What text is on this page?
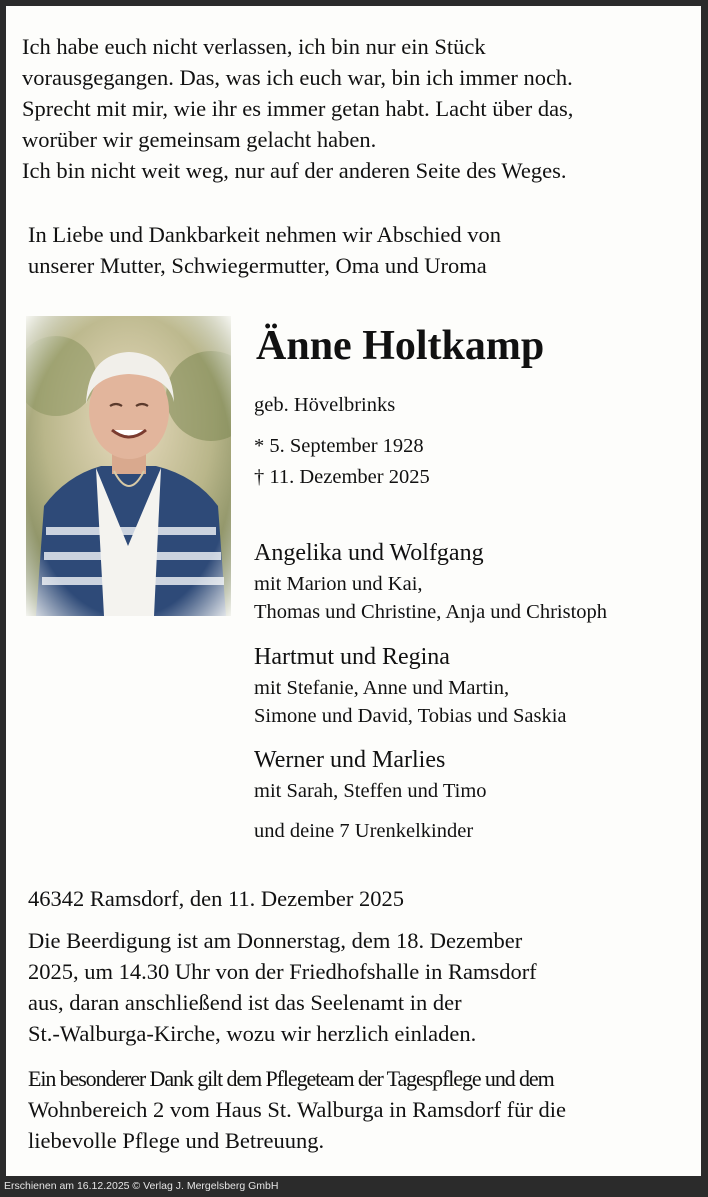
Ich habe euch nicht verlassen, ich bin nur ein Stück
vorausgegangen. Das, was ich euch war, bin ich immer noch.
Sprecht mit mir, wie ihr es immer getan habt. Lacht über das,
worüber wir gemeinsam gelacht haben.
Ich bin nicht weit weg, nur auf der anderen Seite des Weges.
In Liebe und Dankbarkeit nehmen wir Abschied von
unserer Mutter, Schwiegermutter, Oma und Uroma
Änne Holtkamp
geb. Hövelbrinks
* 5. September 1928
† 11. Dezember 2025
Angelika und Wolfgang
mit Marion und Kai,
Thomas und Christine, Anja und Christoph
Hartmut und Regina
mit Stefanie, Anne und Martin,
Simone und David, Tobias und Saskia
Werner und Marlies
mit Sarah, Steffen und Timo
und deine 7 Urenkelkinder
46342 Ramsdorf, den 11. Dezember 2025
Die Beerdigung ist am Donnerstag, dem 18. Dezember
2025, um 14.30 Uhr von der Friedhofshalle in Ramsdorf
aus, daran anschließend ist das Seelenamt in der
St.-Walburga-Kirche, wozu wir herzlich einladen.
Ein besonderer Dank gilt dem Pflegeteam der Tagespflege und dem
Wohnbereich 2 vom Haus St. Walburga in Ramsdorf für die
liebevolle Pflege und Betreuung.
Erschienen am 16.12.2025 © Verlag J. Mergelsberg GmbH
